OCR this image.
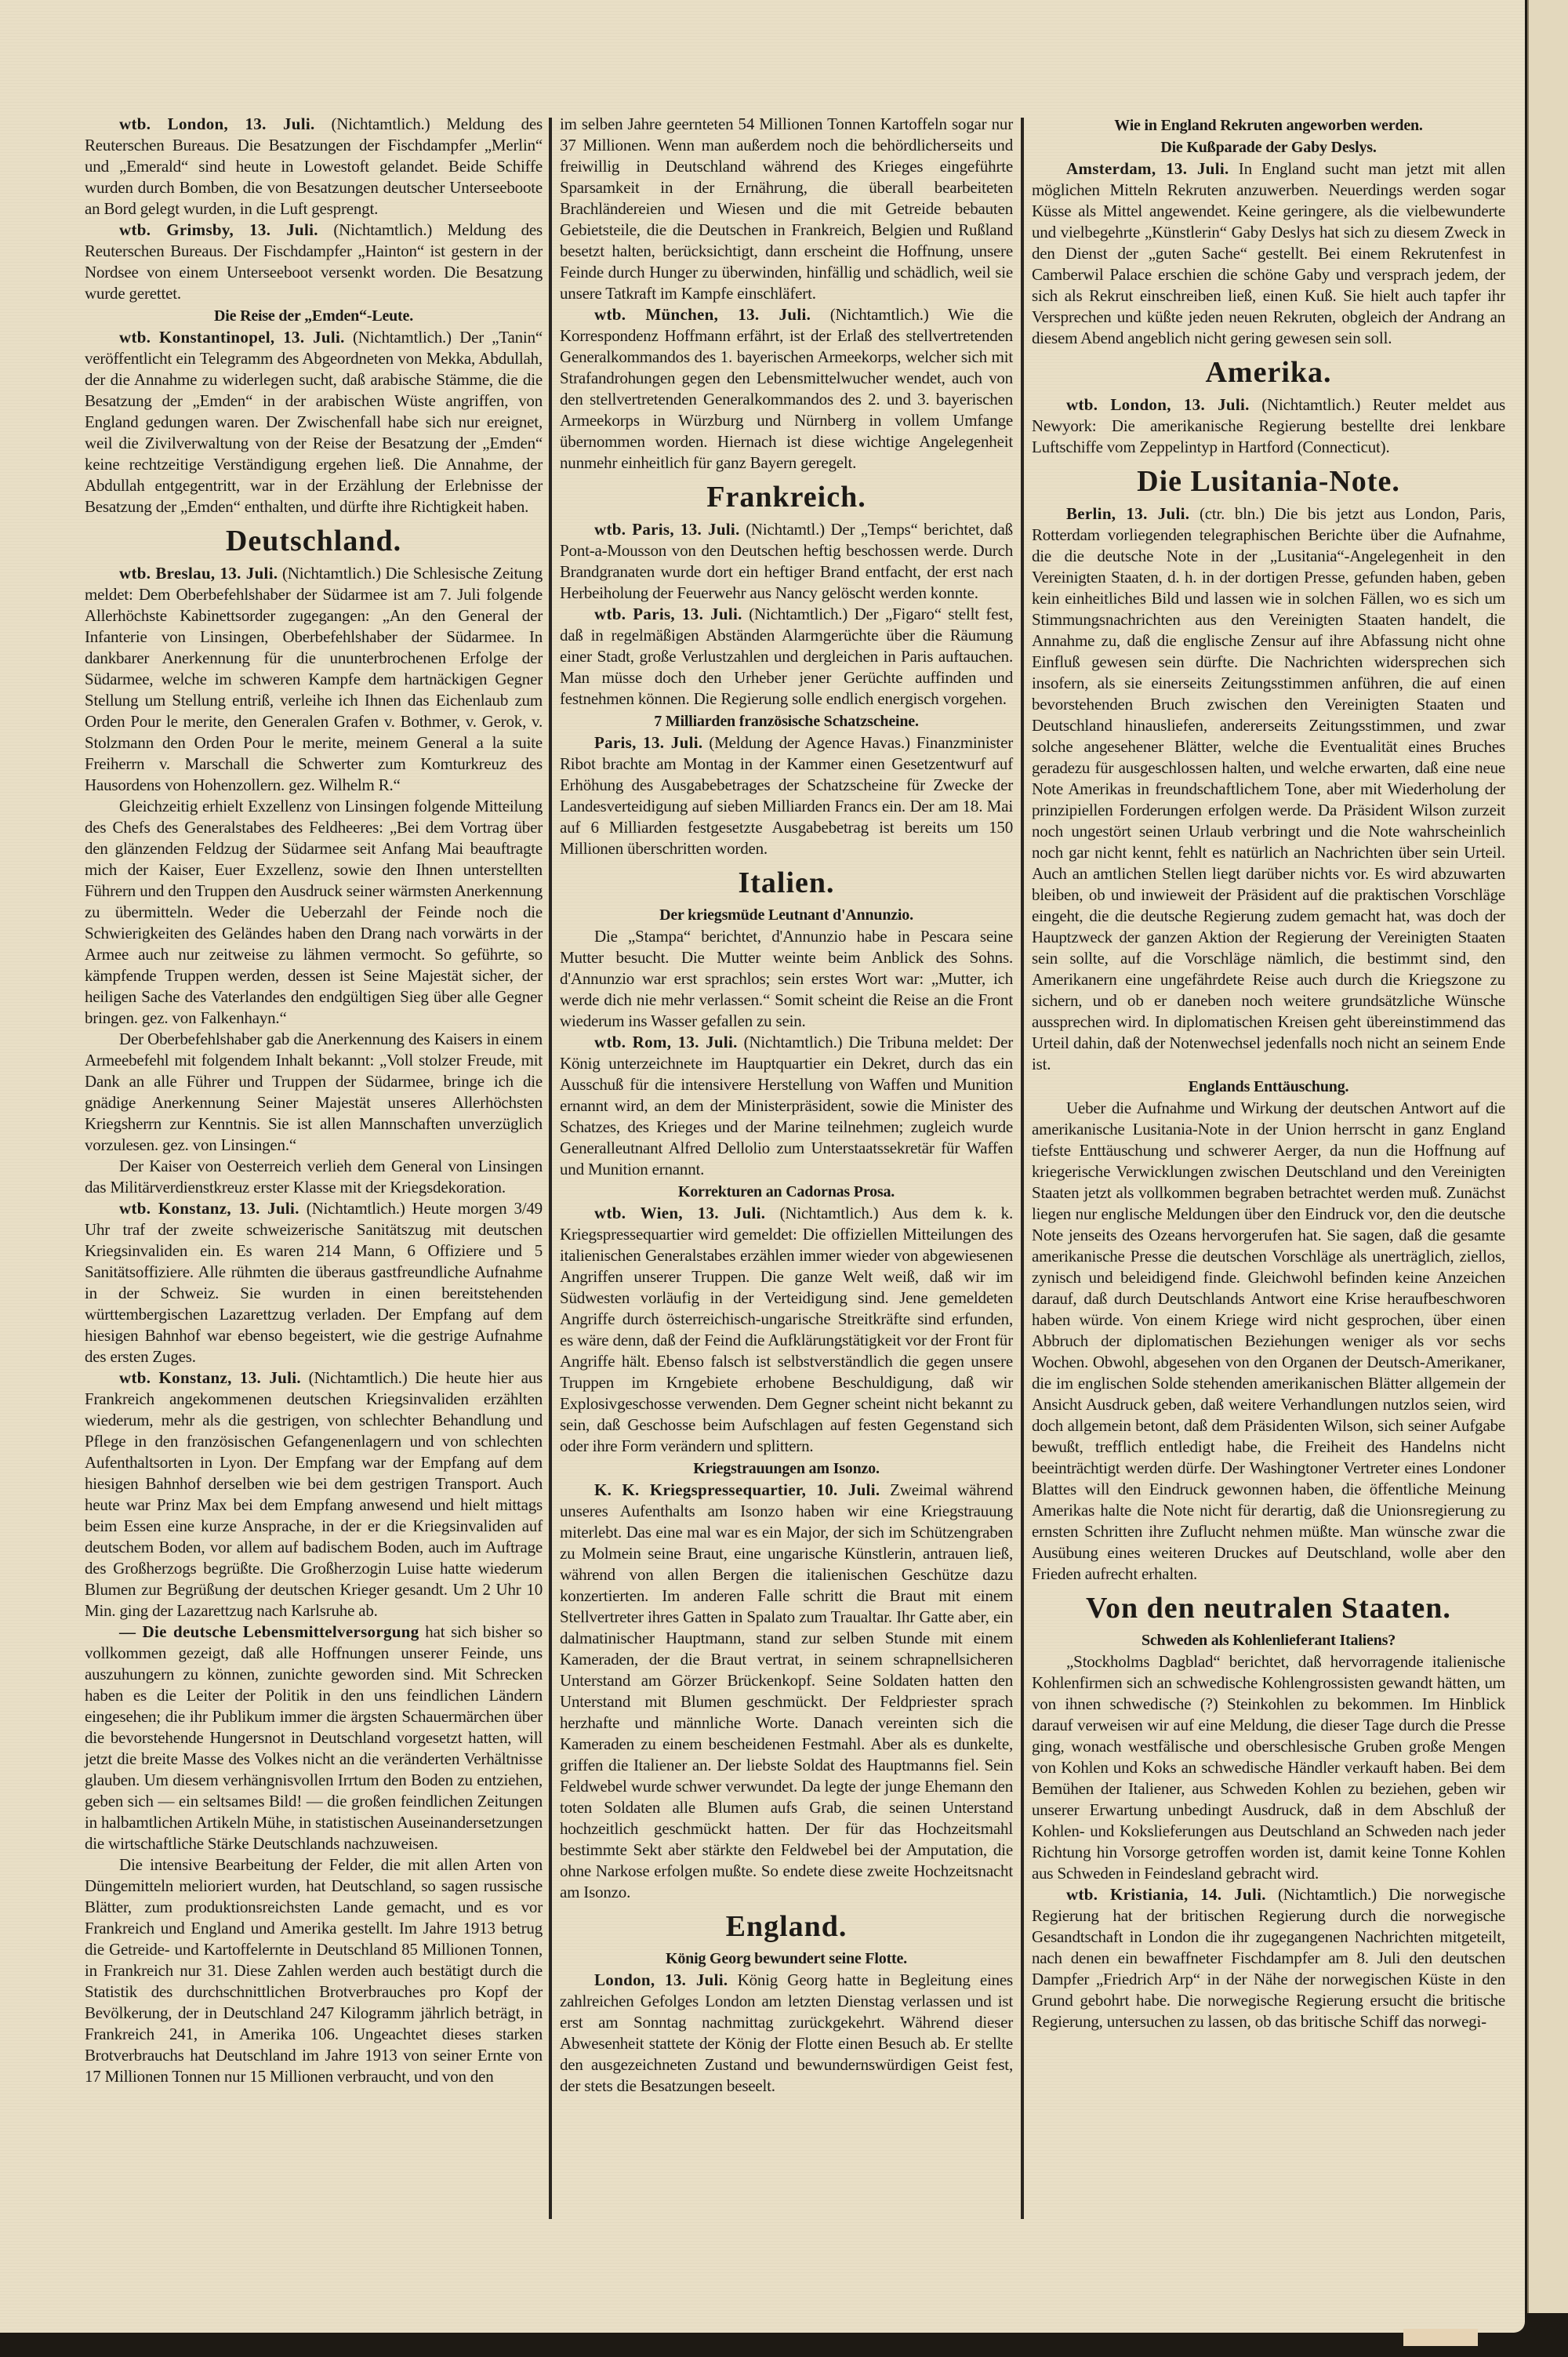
wtb. London, 13. Juli. (Nichtamtlich.) Meldung des Reuterschen Bureaus. Die Besatzungen der Fischdampfer „Merlin“ und „Emerald“ sind heute in Lowestoft gelandet. Beide Schiffe wurden durch Bomben, die von Besatzungen deutscher Unterseeboote an Bord gelegt wurden, in die Luft gesprengt.

wtb. Grimsby, 13. Juli. (Nichtamtlich.) Meldung des Reuterschen Bureaus. Der Fischdampfer „Hainton“ ist gestern in der Nordsee von einem Unterseeboot versenkt worden. Die Besatzung wurde gerettet.

Die Reise der „Emden“-Leute.

wtb. Konstantinopel, 13. Juli. (Nichtamtlich.) Der „Tanin“ veröffentlicht ein Telegramm des Abgeordneten von Mekka, Abdullah, der die Annahme zu widerlegen sucht, daß arabische Stämme, die die Besatzung der „Emden“ in der arabischen Wüste angriffen, von England gedungen waren. Der Zwischenfall habe sich nur ereignet, weil die Zivilverwaltung von der Reise der Besatzung der „Emden“ keine rechtzeitige Verständigung ergehen ließ. Die Annahme, der Abdullah entgegentritt, war in der Erzählung der Erlebnisse der Besatzung der „Emden“ enthalten, und dürfte ihre Richtigkeit haben.

Deutschland.

wtb. Breslau, 13. Juli. (Nichtamtlich.) Die Schlesische Zeitung meldet: Dem Oberbefehlshaber der Südarmee ist am 7. Juli folgende Allerhöchste Kabinettsorder zugegangen: „An den General der Infanterie von Linsingen, Oberbefehlshaber der Südarmee. In dankbarer Anerkennung für die ununterbrochenen Erfolge der Südarmee, welche im schweren Kampfe dem hartnäckigen Gegner Stellung um Stellung entriß, verleihe ich Ihnen das Eichenlaub zum Orden Pour le merite, den Generalen Grafen v. Bothmer, v. Gerok, v. Stolzmann den Orden Pour le merite, meinem General a la suite Freiherrn v. Marschall die Schwerter zum Komturkreuz des Hausordens von Hohenzollern. gez. Wilhelm R.“

Gleichzeitig erhielt Exzellenz von Linsingen folgende Mitteilung des Chefs des Generalstabes des Feldheeres: „Bei dem Vortrag über den glänzenden Feldzug der Südarmee seit Anfang Mai beauftragte mich der Kaiser, Euer Exzellenz, sowie den Ihnen unterstellten Führern und den Truppen den Ausdruck seiner wärmsten Anerkennung zu übermitteln. Weder die Ueberzahl der Feinde noch die Schwierigkeiten des Geländes haben den Drang nach vorwärts in der Armee auch nur zeitweise zu lähmen vermocht. So geführte, so kämpfende Truppen werden, dessen ist Seine Majestät sicher, der heiligen Sache des Vaterlandes den endgültigen Sieg über alle Gegner bringen. gez. von Falkenhayn.“

Der Oberbefehlshaber gab die Anerkennung des Kaisers in einem Armeebefehl mit folgendem Inhalt bekannt: „Voll stolzer Freude, mit Dank an alle Führer und Truppen der Südarmee, bringe ich die gnädige Anerkennung Seiner Majestät unseres Allerhöchsten Kriegsherrn zur Kenntnis. Sie ist allen Mannschaften unverzüglich vorzulesen. gez. von Linsingen.“

Der Kaiser von Oesterreich verlieh dem General von Linsingen das Militärverdienstkreuz erster Klasse mit der Kriegsdekoration.

wtb. Konstanz, 13. Juli. (Nichtamtlich.) Heute morgen 3/49 Uhr traf der zweite schweizerische Sanitätszug mit deutschen Kriegsinvaliden ein. Es waren 214 Mann, 6 Offiziere und 5 Sanitätsoffiziere. Alle rühmten die überaus gastfreundliche Aufnahme in der Schweiz. Sie wurden in einen bereitstehenden württembergischen Lazarettzug verladen. Der Empfang auf dem hiesigen Bahnhof war ebenso begeistert, wie die gestrige Aufnahme des ersten Zuges.

wtb. Konstanz, 13. Juli. (Nichtamtlich.) Die heute hier aus Frankreich angekommenen deutschen Kriegsinvaliden erzählten wiederum, mehr als die gestrigen, von schlechter Behandlung und Pflege in den französischen Gefangenenlagern und von schlechten Aufenthaltsorten in Lyon. Der Empfang war der Empfang auf dem hiesigen Bahnhof derselben wie bei dem gestrigen Transport. Auch heute war Prinz Max bei dem Empfang anwesend und hielt mittags beim Essen eine kurze Ansprache, in der er die Kriegsinvaliden auf deutschem Boden, vor allem auf badischem Boden, auch im Auftrage des Großherzogs begrüßte. Die Großherzogin Luise hatte wiederum Blumen zur Begrüßung der deutschen Krieger gesandt. Um 2 Uhr 10 Min. ging der Lazarettzug nach Karlsruhe ab.

— Die deutsche Lebensmittelversorgung hat sich bisher so vollkommen gezeigt, daß alle Hoffnungen unserer Feinde, uns auszuhungern zu können, zunichte geworden sind. Mit Schrecken haben es die Leiter der Politik in den uns feindlichen Ländern eingesehen; die ihr Publikum immer die ärgsten Schauermärchen über die bevorstehende Hungersnot in Deutschland vorgesetzt hatten, will jetzt die breite Masse des Volkes nicht an die veränderten Verhältnisse glauben. Um diesem verhängnisvollen Irrtum den Boden zu entziehen, geben sich — ein seltsames Bild! — die großen feindlichen Zeitungen in halbamtlichen Artikeln Mühe, in statistischen Auseinandersetzungen die wirtschaftliche Stärke Deutschlands nachzuweisen.

Die intensive Bearbeitung der Felder, die mit allen Arten von Düngemitteln melioriert wurden, hat Deutschland, so sagen russische Blätter, zum produktionsreichsten Lande gemacht, und es vor Frankreich und England und Amerika gestellt. Im Jahre 1913 betrug die Getreide- und Kartoffelernte in Deutschland 85 Millionen Tonnen, in Frankreich nur 31. Diese Zahlen werden auch bestätigt durch die Statistik des durchschnittlichen Brotverbrauches pro Kopf der Bevölkerung, der in Deutschland 247 Kilogramm jährlich beträgt, in Frankreich 241, in Amerika 106. Ungeachtet dieses starken Brotverbrauchs hat Deutschland im Jahre 1913 von seiner Ernte von 17 Millionen Tonnen nur 15 Millionen verbraucht, und von den

im selben Jahre geernteten 54 Millionen Tonnen Kartoffeln sogar nur 37 Millionen. Wenn man außerdem noch die behördlicherseits und freiwillig in Deutschland während des Krieges eingeführte Sparsamkeit in der Ernährung, die überall bearbeiteten Brachländereien und Wiesen und die mit Getreide bebauten Gebietsteile, die die Deutschen in Frankreich, Belgien und Rußland besetzt halten, berücksichtigt, dann erscheint die Hoffnung, unsere Feinde durch Hunger zu überwinden, hinfällig und schädlich, weil sie unsere Tatkraft im Kampfe einschläfert.

wtb. München, 13. Juli. (Nichtamtlich.) Wie die Korrespondenz Hoffmann erfährt, ist der Erlaß des stellvertretenden Generalkommandos des 1. bayerischen Armeekorps, welcher sich mit Strafandrohungen gegen den Lebensmittelwucher wendet, auch von den stellvertretenden Generalkommandos des 2. und 3. bayerischen Armeekorps in Würzburg und Nürnberg in vollem Umfange übernommen worden. Hiernach ist diese wichtige Angelegenheit nunmehr einheitlich für ganz Bayern geregelt.

Frankreich.

wtb. Paris, 13. Juli. (Nichtamtl.) Der „Temps“ berichtet, daß Pont-a-Mousson von den Deutschen heftig beschossen werde. Durch Brandgranaten wurde dort ein heftiger Brand entfacht, der erst nach Herbeiholung der Feuerwehr aus Nancy gelöscht werden konnte.

wtb. Paris, 13. Juli. (Nichtamtlich.) Der „Figaro“ stellt fest, daß in regelmäßigen Abständen Alarmgerüchte über die Räumung einer Stadt, große Verlustzahlen und dergleichen in Paris auftauchen. Man müsse doch den Urheber jener Gerüchte auffinden und festnehmen können. Die Regierung solle endlich energisch vorgehen.

7 Milliarden französische Schatzscheine.

Paris, 13. Juli. (Meldung der Agence Havas.) Finanzminister Ribot brachte am Montag in der Kammer einen Gesetzentwurf auf Erhöhung des Ausgabebetrages der Schatzscheine für Zwecke der Landesverteidigung auf sieben Milliarden Francs ein. Der am 18. Mai auf 6 Milliarden festgesetzte Ausgabebetrag ist bereits um 150 Millionen überschritten worden.

Italien.
Der kriegsmüde Leutnant d'Annunzio.

Die „Stampa“ berichtet, d'Annunzio habe in Pescara seine Mutter besucht. Die Mutter weinte beim Anblick des Sohns. d'Annunzio war erst sprachlos; sein erstes Wort war: „Mutter, ich werde dich nie mehr verlassen.“ Somit scheint die Reise an die Front wiederum ins Wasser gefallen zu sein.

wtb. Rom, 13. Juli. (Nichtamtlich.) Die Tribuna meldet: Der König unterzeichnete im Hauptquartier ein Dekret, durch das ein Ausschuß für die intensivere Herstellung von Waffen und Munition ernannt wird, an dem der Ministerpräsident, sowie die Minister des Schatzes, des Krieges und der Marine teilnehmen; zugleich wurde Generalleutnant Alfred Dellolio zum Unterstaatssekretär für Waffen und Munition ernannt.

Korrekturen an Cadornas Prosa.

wtb. Wien, 13. Juli. (Nichtamtlich.) Aus dem k. k. Kriegspressequartier wird gemeldet: Die offiziellen Mitteilungen des italienischen Generalstabes erzählen immer wieder von abgewiesenen Angriffen unserer Truppen. Die ganze Welt weiß, daß wir im Südwesten vorläufig in der Verteidigung sind. Jene gemeldeten Angriffe durch österreichisch-ungarische Streitkräfte sind erfunden, es wäre denn, daß der Feind die Aufklärungstätigkeit vor der Front für Angriffe hält. Ebenso falsch ist selbstverständlich die gegen unsere Truppen im Krngebiete erhobene Beschuldigung, daß wir Explosivgeschosse verwenden. Dem Gegner scheint nicht bekannt zu sein, daß Geschosse beim Aufschlagen auf festen Gegenstand sich oder ihre Form verändern und splittern.

Kriegstrauungen am Isonzo.

K. K. Kriegspressequartier, 10. Juli. Zweimal während unseres Aufenthalts am Isonzo haben wir eine Kriegstrauung miterlebt. Das eine mal war es ein Major, der sich im Schützengraben zu Molmein seine Braut, eine ungarische Künstlerin, antrauen ließ, während von allen Bergen die italienischen Geschütze dazu konzertierten. Im anderen Falle schritt die Braut mit einem Stellvertreter ihres Gatten in Spalato zum Traualtar. Ihr Gatte aber, ein dalmatinischer Hauptmann, stand zur selben Stunde mit einem Kameraden, der die Braut vertrat, in seinem schrapnellsicheren Unterstand am Görzer Brückenkopf. Seine Soldaten hatten den Unterstand mit Blumen geschmückt. Der Feldpriester sprach herzhafte und männliche Worte. Danach vereinten sich die Kameraden zu einem bescheidenen Festmahl. Aber als es dunkelte, griffen die Italiener an. Der liebste Soldat des Hauptmanns fiel. Sein Feldwebel wurde schwer verwundet. Da legte der junge Ehemann den toten Soldaten alle Blumen aufs Grab, die seinen Unterstand hochzeitlich geschmückt hatten. Der für das Hochzeitsmahl bestimmte Sekt aber stärkte den Feldwebel bei der Amputation, die ohne Narkose erfolgen mußte. So endete diese zweite Hochzeitsnacht am Isonzo.

England.
König Georg bewundert seine Flotte.

London, 13. Juli. König Georg hatte in Begleitung eines zahlreichen Gefolges London am letzten Dienstag verlassen und ist erst am Sonntag nachmittag zurückgekehrt. Während dieser Abwesenheit stattete der König der Flotte einen Besuch ab. Er stellte den ausgezeichneten Zustand und bewundernswürdigen Geist fest, der stets die Besatzungen beseelt.

Wie in England Rekruten angeworben werden.
Die Kußparade der Gaby Deslys.

Amsterdam, 13. Juli. In England sucht man jetzt mit allen möglichen Mitteln Rekruten anzuwerben. Neuerdings werden sogar Küsse als Mittel angewendet. Keine geringere, als die vielbewunderte und vielbegehrte „Künstlerin“ Gaby Deslys hat sich zu diesem Zweck in den Dienst der „guten Sache“ gestellt. Bei einem Rekrutenfest in Camberwil Palace erschien die schöne Gaby und versprach jedem, der sich als Rekrut einschreiben ließ, einen Kuß. Sie hielt auch tapfer ihr Versprechen und küßte jeden neuen Rekruten, obgleich der Andrang an diesem Abend angeblich nicht gering gewesen sein soll.

Amerika.

wtb. London, 13. Juli. (Nichtamtlich.) Reuter meldet aus Newyork: Die amerikanische Regierung bestellte drei lenkbare Luftschiffe vom Zeppelintyp in Hartford (Connecticut).

Die Lusitania-Note.

Berlin, 13. Juli. (ctr. bln.) Die bis jetzt aus London, Paris, Rotterdam vorliegenden telegraphischen Berichte über die Aufnahme, die die deutsche Note in der „Lusitania“-Angelegenheit in den Vereinigten Staaten, d. h. in der dortigen Presse, gefunden haben, geben kein einheitliches Bild und lassen wie in solchen Fällen, wo es sich um Stimmungsnachrichten aus den Vereinigten Staaten handelt, die Annahme zu, daß die englische Zensur auf ihre Abfassung nicht ohne Einfluß gewesen sein dürfte. Die Nachrichten widersprechen sich insofern, als sie einerseits Zeitungsstimmen anführen, die auf einen bevorstehenden Bruch zwischen den Vereinigten Staaten und Deutschland hinausliefen, andererseits Zeitungsstimmen, und zwar solche angesehener Blätter, welche die Eventualität eines Bruches geradezu für ausgeschlossen halten, und welche erwarten, daß eine neue Note Amerikas in freundschaftlichem Tone, aber mit Wiederholung der prinzipiellen Forderungen erfolgen werde. Da Präsident Wilson zurzeit noch ungestört seinen Urlaub verbringt und die Note wahrscheinlich noch gar nicht kennt, fehlt es natürlich an Nachrichten über sein Urteil. Auch an amtlichen Stellen liegt darüber nichts vor. Es wird abzuwarten bleiben, ob und inwieweit der Präsident auf die praktischen Vorschläge eingeht, die die deutsche Regierung zudem gemacht hat, was doch der Hauptzweck der ganzen Aktion der Regierung der Vereinigten Staaten sein sollte, auf die Vorschläge nämlich, die bestimmt sind, den Amerikanern eine ungefährdete Reise auch durch die Kriegszone zu sichern, und ob er daneben noch weitere grundsätzliche Wünsche aussprechen wird. In diplomatischen Kreisen geht übereinstimmend das Urteil dahin, daß der Notenwechsel jedenfalls noch nicht an seinem Ende ist.

Englands Enttäuschung.

Ueber die Aufnahme und Wirkung der deutschen Antwort auf die amerikanische Lusitania-Note in der Union herrscht in ganz England tiefste Enttäuschung und schwerer Aerger, da nun die Hoffnung auf kriegerische Verwicklungen zwischen Deutschland und den Vereinigten Staaten jetzt als vollkommen begraben betrachtet werden muß. Zunächst liegen nur englische Meldungen über den Eindruck vor, den die deutsche Note jenseits des Ozeans hervorgerufen hat. Sie sagen, daß die gesamte amerikanische Presse die deutschen Vorschläge als unerträglich, ziellos, zynisch und beleidigend finde. Gleichwohl befinden keine Anzeichen darauf, daß durch Deutschlands Antwort eine Krise heraufbeschworen haben würde. Von einem Kriege wird nicht gesprochen, über einen Abbruch der diplomatischen Beziehungen weniger als vor sechs Wochen. Obwohl, abgesehen von den Organen der Deutsch-Amerikaner, die im englischen Solde stehenden amerikanischen Blätter allgemein der Ansicht Ausdruck geben, daß weitere Verhandlungen nutzlos seien, wird doch allgemein betont, daß dem Präsidenten Wilson, sich seiner Aufgabe bewußt, trefflich entledigt habe, die Freiheit des Handelns nicht beeinträchtigt werden dürfe. Der Washingtoner Vertreter eines Londoner Blattes will den Eindruck gewonnen haben, die öffentliche Meinung Amerikas halte die Note nicht für derartig, daß die Unionsregierung zu ernsten Schritten ihre Zuflucht nehmen müßte. Man wünsche zwar die Ausübung eines weiteren Druckes auf Deutschland, wolle aber den Frieden aufrecht erhalten.

Von den neutralen Staaten.
Schweden als Kohlenlieferant Italiens?

„Stockholms Dagblad“ berichtet, daß hervorragende italienische Kohlenfirmen sich an schwedische Kohlengrossisten gewandt hätten, um von ihnen schwedische (?) Steinkohlen zu bekommen. Im Hinblick darauf verweisen wir auf eine Meldung, die dieser Tage durch die Presse ging, wonach westfälische und oberschlesische Gruben große Mengen von Kohlen und Koks an schwedische Händler verkauft haben. Bei dem Bemühen der Italiener, aus Schweden Kohlen zu beziehen, geben wir unserer Erwartung unbedingt Ausdruck, daß in dem Abschluß der Kohlen- und Kokslieferungen aus Deutschland an Schweden nach jeder Richtung hin Vorsorge getroffen worden ist, damit keine Tonne Kohlen aus Schweden in Feindesland gebracht wird.

wtb. Kristiania, 14. Juli. (Nichtamtlich.) Die norwegische Regierung hat der britischen Regierung durch die norwegische Gesandtschaft in London die ihr zugegangenen Nachrichten mitgeteilt, nach denen ein bewaffneter Fischdampfer am 8. Juli den deutschen Dampfer „Friedrich Arp“ in der Nähe der norwegischen Küste in den Grund gebohrt habe. Die norwegische Regierung ersucht die britische Regierung, untersuchen zu lassen, ob das britische Schiff das norwegi-
